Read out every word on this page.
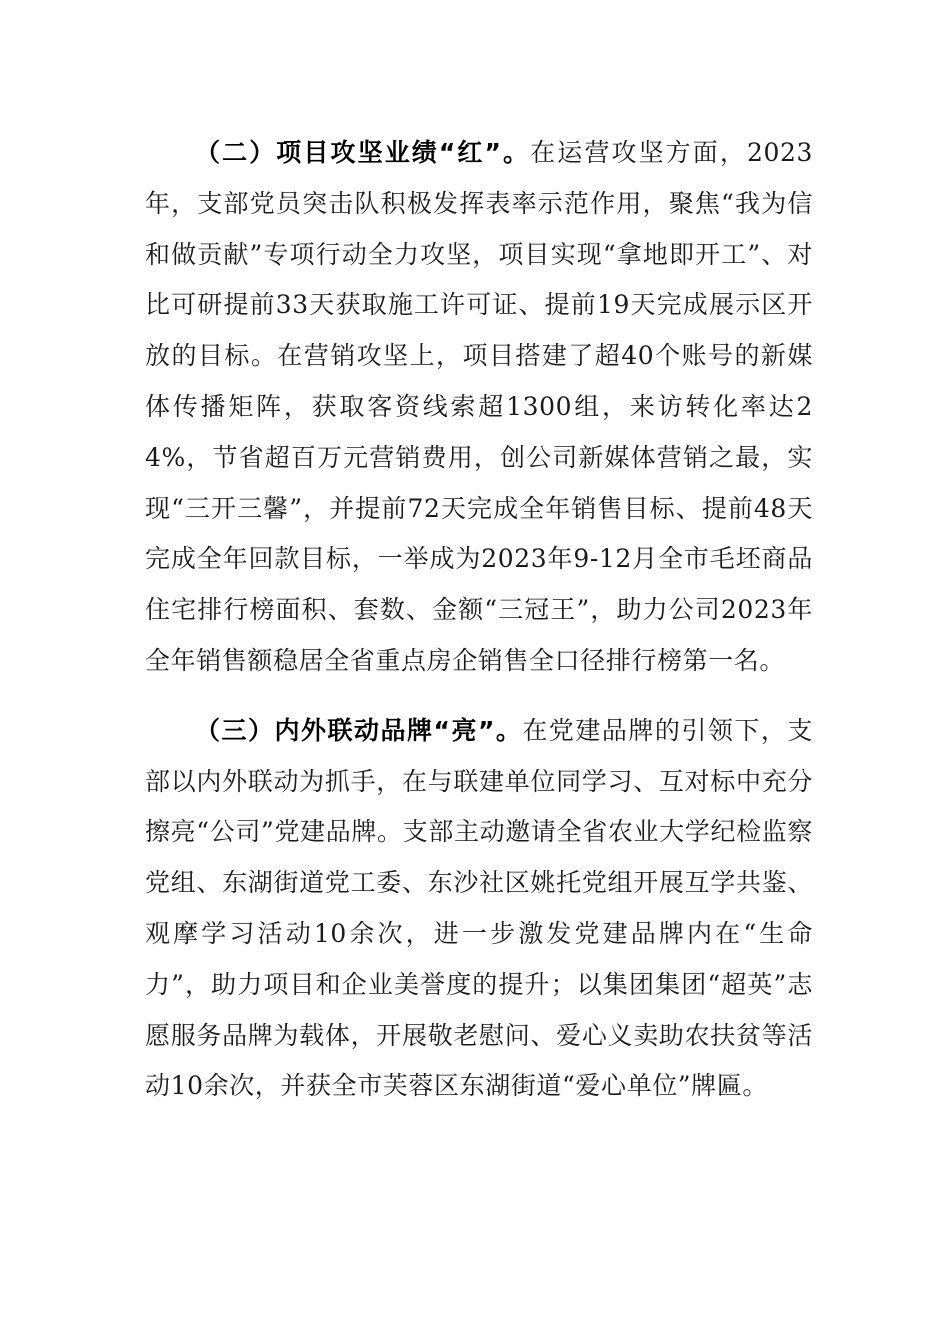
（二）项目攻坚业绩“红”。在运营攻坚方面，2023年，支部党员突击队积极发挥表率示范作用，聚焦“我为信和做贡献”专项行动全力攻坚，项目实现“拿地即开工”、对比可研提前33天获取施工许可证、提前19天完成展示区开放的目标。在营销攻坚上，项目搭建了超40个账号的新媒体传播矩阵，获取客资线索超1300组，来访转化率达24%，节省超百万元营销费用，创公司新媒体营销之最，实现“三开三馨”，并提前72天完成全年销售目标、提前48天完成全年回款目标，一举成为2023年9-12月全市毛坯商品住宅排行榜面积、套数、金额“三冠王”，助力公司2023年全年销售额稳居全省重点房企销售全口径排行榜第一名。

（三）内外联动品牌“亮”。在党建品牌的引领下，支部以内外联动为抓手，在与联建单位同学习、互对标中充分擦亮“公司”党建品牌。支部主动邀请全省农业大学纪检监察党组、东湖街道党工委、东沙社区姚托党组开展互学共鉴、观摩学习活动10余次，进一步激发党建品牌内在“生命力”，助力项目和企业美誉度的提升；以集团集团“超英”志愿服务品牌为载体，开展敬老慰问、爱心义卖助农扶贫等活动10余次，并获全市芙蓉区东湖街道“爱心单位”牌匾。
